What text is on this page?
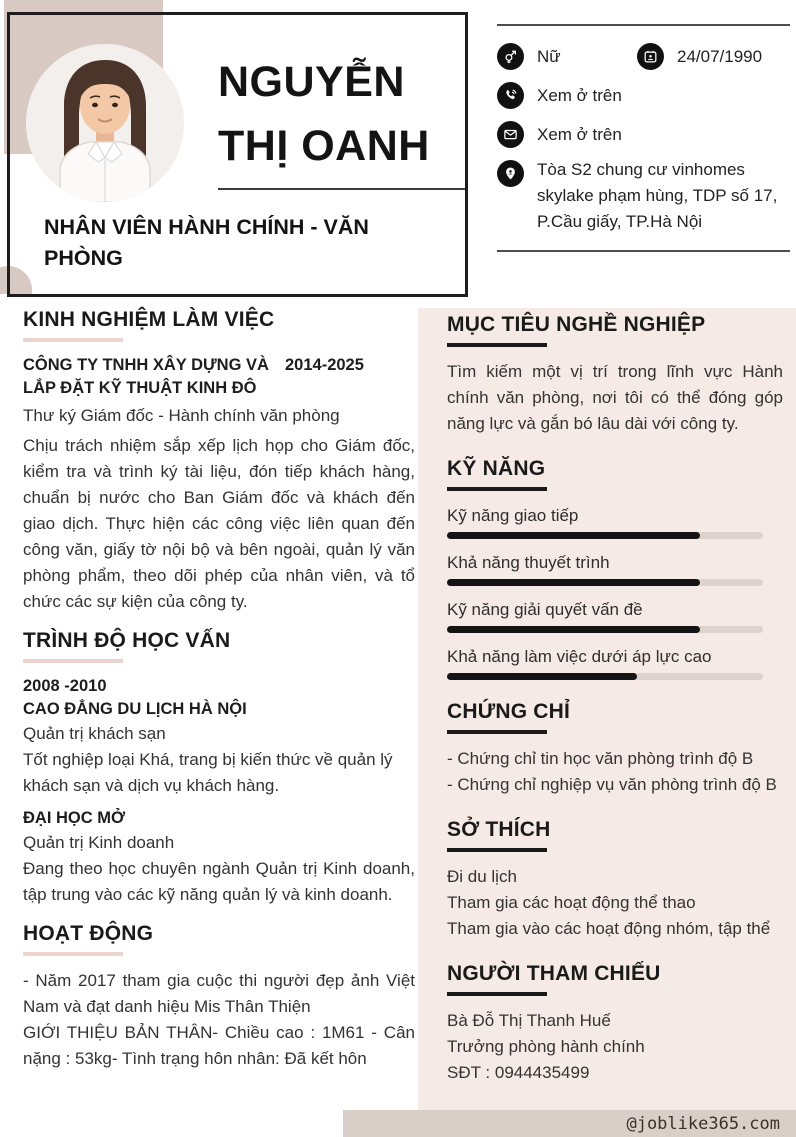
NGUYỄN
THỊ OANH
NHÂN VIÊN HÀNH CHÍNH - VĂN PHÒNG
Nữ	24/07/1990
Xem ở trên
Xem ở trên
Tòa S2 chung cư vinhomes skylake phạm hùng, TDP số 17, P.Cầu giấy, TP.Hà Nội
KINH NGHIỆM LÀM VIỆC
CÔNG TY TNHH XÂY DỰNG VÀ LẮP ĐẶT KỸ THUẬT KINH ĐÔ
2014-2025
Thư ký Giám đốc - Hành chính văn phòng
Chịu trách nhiệm sắp xếp lịch họp cho Giám đốc, kiểm tra và trình ký tài liệu, đón tiếp khách hàng, chuẩn bị nước cho Ban Giám đốc và khách đến giao dịch. Thực hiện các công việc liên quan đến công văn, giấy tờ nội bộ và bên ngoài, quản lý văn phòng phẩm, theo dõi phép của nhân viên, và tổ chức các sự kiện của công ty.
TRÌNH ĐỘ HỌC VẤN
2008 -2010
CAO ĐẲNG DU LỊCH HÀ NỘI
Quản trị khách sạn
Tốt nghiệp loại Khá, trang bị kiến thức về quản lý khách sạn và dịch vụ khách hàng.
ĐẠI HỌC MỞ
Quản trị Kinh doanh
Đang theo học chuyên ngành Quản trị Kinh doanh, tập trung vào các kỹ năng quản lý và kinh doanh.
HOẠT ĐỘNG
- Năm 2017 tham gia cuộc thi người đẹp ảnh Việt Nam và đạt danh hiệu Mis Thân Thiện
GIỚI THIỆU BẢN THÂN- Chiều cao : 1M61 - Cân nặng : 53kg- Tình trạng hôn nhân: Đã kết hôn
MỤC TIÊU NGHỀ NGHIỆP
Tìm kiếm một vị trí trong lĩnh vực Hành chính văn phòng, nơi tôi có thể đóng góp năng lực và gắn bó lâu dài với công ty.
KỸ NĂNG
Kỹ năng giao tiếp
Khả năng thuyết trình
Kỹ năng giải quyết vấn đề
Khả năng làm việc dưới áp lực cao
CHỨNG CHỈ
- Chứng chỉ tin học văn phòng trình độ B
- Chứng chỉ nghiệp vụ văn phòng trình độ B
SỞ THÍCH
Đi du lịch
Tham gia các hoạt động thể thao
Tham gia vào các hoạt động nhóm, tập thể
NGƯỜI THAM CHIẾU
Bà Đỗ Thị Thanh Huế
Trưởng phòng hành chính
SĐT : 0944435499
@joblike365.com
